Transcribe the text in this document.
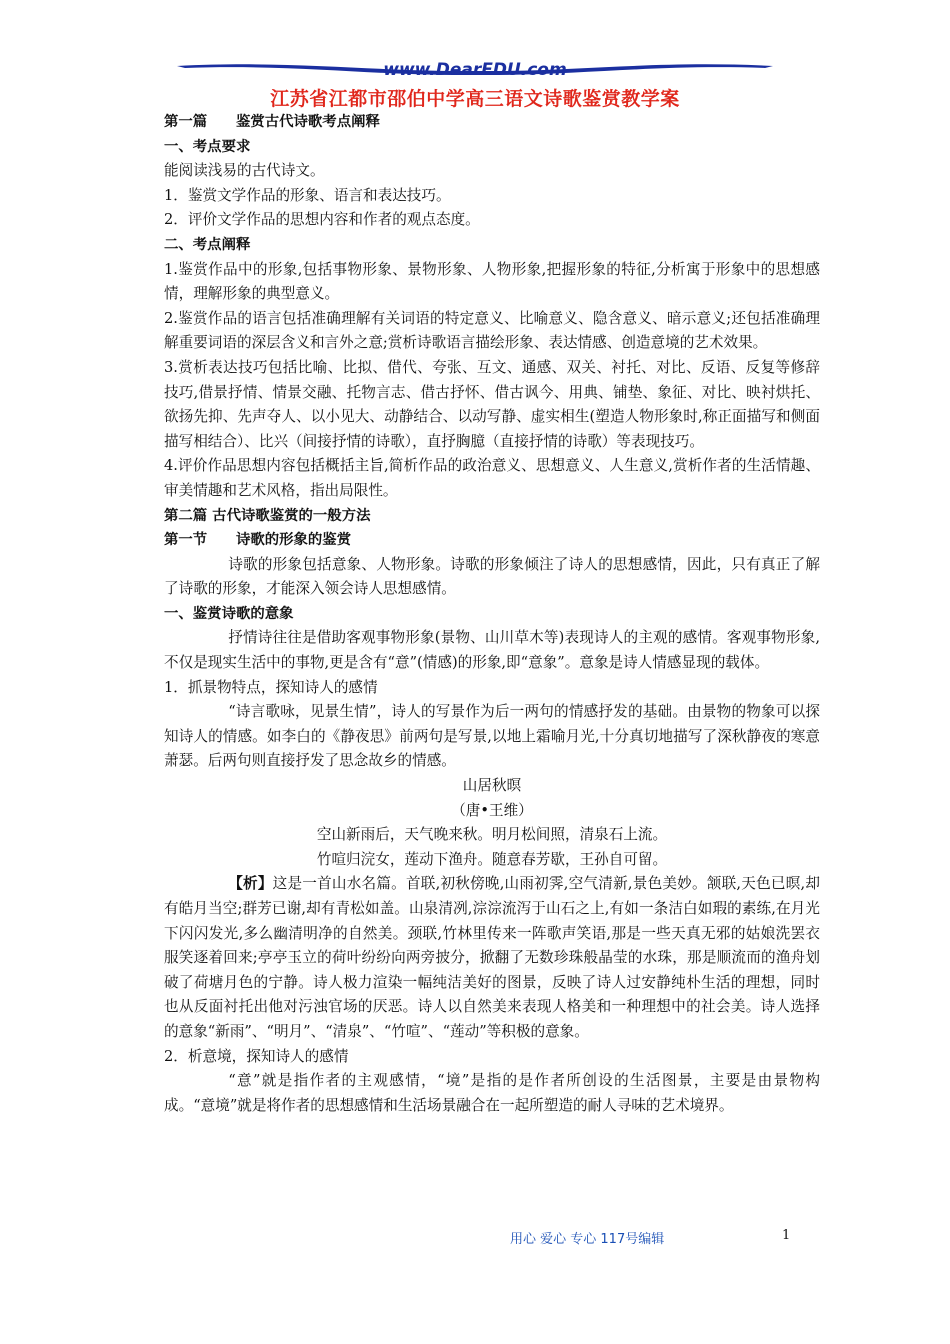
www.DearEDU.com
江苏省江都市邵伯中学高三语文诗歌鉴赏教学案

第一篇　　鉴赏古代诗歌考点阐释

一、考点要求

能阅读浅易的古代诗文。

1．鉴赏文学作品的形象、语言和表达技巧。

2．评价文学作品的思想内容和作者的观点态度。

二、考点阐释

1.鉴赏作品中的形象,包括事物形象、景物形象、人物形象,把握形象的特征,分析寓于形象中的思想感情，理解形象的典型意义。

2.鉴赏作品的语言包括准确理解有关词语的特定意义、比喻意义、隐含意义、暗示意义;还包括准确理解重要词语的深层含义和言外之意;赏析诗歌语言描绘形象、表达情感、创造意境的艺术效果。

3.赏析表达技巧包括比喻、比拟、借代、夸张、互文、通感、双关、衬托、对比、反语、反复等修辞技巧,借景抒情、情景交融、托物言志、借古抒怀、借古讽今、用典、铺垫、象征、对比、映衬烘托、欲扬先抑、先声夺人、以小见大、动静结合、以动写静、虚实相生(塑造人物形象时,称正面描写和侧面描写相结合）、比兴（间接抒情的诗歌），直抒胸臆（直接抒情的诗歌）等表现技巧。

4.评价作品思想内容包括概括主旨,简析作品的政治意义、思想意义、人生意义,赏析作者的生活情趣、审美情趣和艺术风格，指出局限性。

第二篇 古代诗歌鉴赏的一般方法

第一节　　诗歌的形象的鉴赏

诗歌的形象包括意象、人物形象。诗歌的形象倾注了诗人的思想感情，因此，只有真正了解了诗歌的形象，才能深入领会诗人思想感情。

一、鉴赏诗歌的意象

抒情诗往往是借助客观事物形象(景物、山川草木等)表现诗人的主观的感情。客观事物形象,不仅是现实生活中的事物,更是含有“意”(情感)的形象,即“意象”。意象是诗人情感显现的载体。

1．抓景物特点，探知诗人的感情

“诗言歌咏，见景生情”，诗人的写景作为后一两句的情感抒发的基础。由景物的物象可以探知诗人的情感。如李白的《静夜思》前两句是写景,以地上霜喻月光,十分真切地描写了深秋静夜的寒意萧瑟。后两句则直接抒发了思念故乡的情感。

山居秋暝

（唐•王维）

空山新雨后，天气晚来秋。明月松间照，清泉石上流。

竹喧归浣女，莲动下渔舟。随意春芳歇，王孙自可留。

【析】这是一首山水名篇。首联,初秋傍晚,山雨初霁,空气清新,景色美妙。颔联,天色已暝,却有皓月当空;群芳已谢,却有青松如盖。山泉清冽,淙淙流泻于山石之上,有如一条洁白如瑕的素练,在月光下闪闪发光,多么幽清明净的自然美。颈联,竹林里传来一阵歌声笑语,那是一些天真无邪的姑娘洗罢衣服笑逐着回来;亭亭玉立的荷叶纷纷向两旁披分，掀翻了无数珍珠般晶莹的水珠，那是顺流而的渔舟划破了荷塘月色的宁静。诗人极力渲染一幅纯洁美好的图景，反映了诗人过安静纯朴生活的理想，同时也从反面衬托出他对污浊官场的厌恶。诗人以自然美来表现人格美和一种理想中的社会美。诗人选择的意象“新雨”、“明月”、“清泉”、“竹喧”、“莲动”等积极的意象。

2．析意境，探知诗人的感情

“意”就是指作者的主观感情，“境”是指的是作者所创设的生活图景，主要是由景物构成。“意境”就是将作者的思想感情和生活场景融合在一起所塑造的耐人寻味的艺术境界。

用心 爱心 专心 117号编辑	1
